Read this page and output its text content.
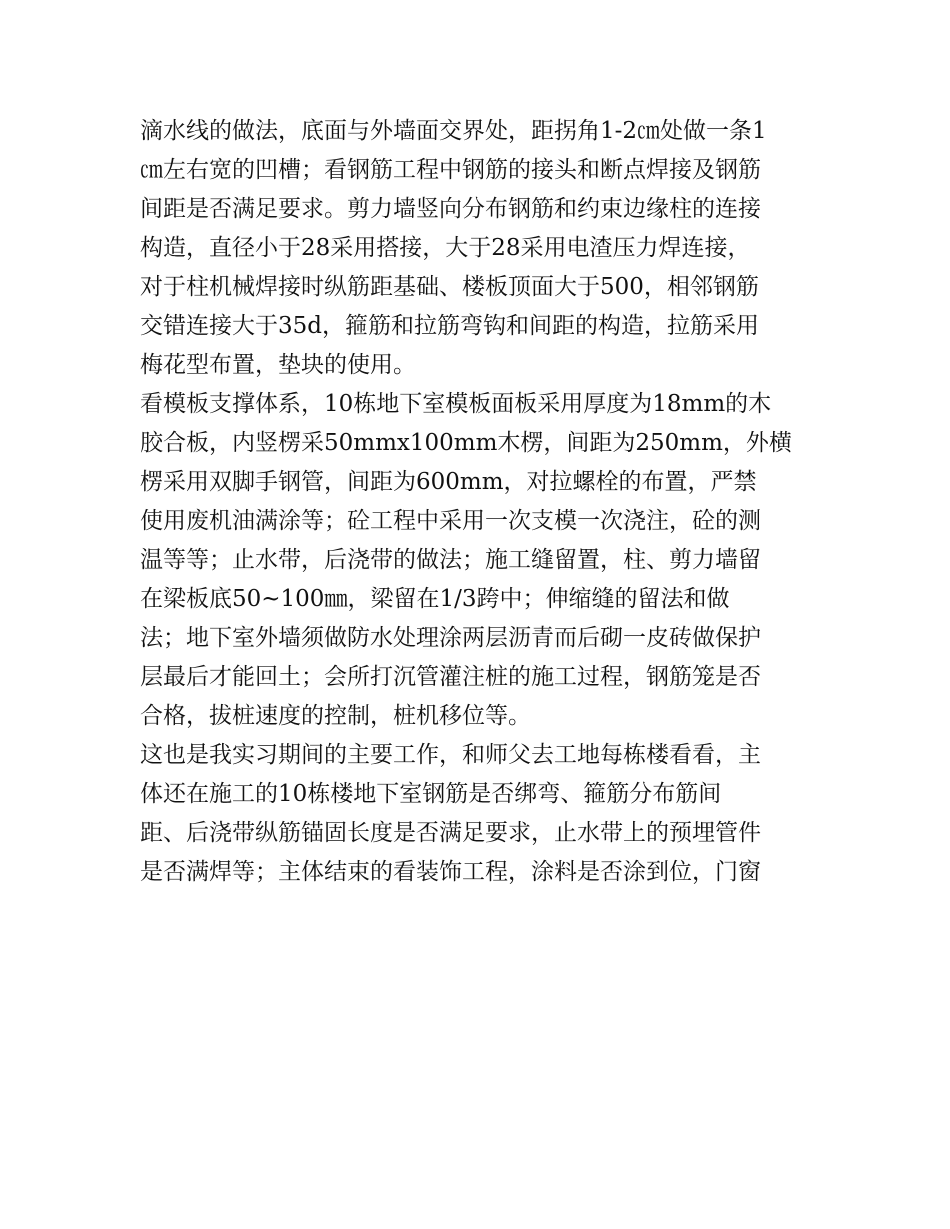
滴水线的做法，底面与外墙面交界处，距拐角1-2㎝处做一条1
㎝左右宽的凹槽；看钢筋工程中钢筋的接头和断点焊接及钢筋
间距是否满足要求。剪力墙竖向分布钢筋和约束边缘柱的连接
构造，直径小于28采用搭接，大于28采用电渣压力焊连接，
对于柱机械焊接时纵筋距基础、楼板顶面大于500，相邻钢筋
交错连接大于35d，箍筋和拉筋弯钩和间距的构造，拉筋采用
梅花型布置，垫块的使用。
看模板支撑体系，10栋地下室模板面板采用厚度为18mm的木
胶合板，内竖楞采50mmx100mm木楞，间距为250mm，外横
楞采用双脚手钢管，间距为600mm，对拉螺栓的布置，严禁
使用废机油满涂等；砼工程中采用一次支模一次浇注，砼的测
温等等；止水带，后浇带的做法；施工缝留置，柱、剪力墙留
在梁板底50~100㎜，梁留在1/3跨中；伸缩缝的留法和做
法；地下室外墙须做防水处理涂两层沥青而后砌一皮砖做保护
层最后才能回土；会所打沉管灌注桩的施工过程，钢筋笼是否
合格，拔桩速度的控制，桩机移位等。
这也是我实习期间的主要工作，和师父去工地每栋楼看看，主
体还在施工的10栋楼地下室钢筋是否绑弯、箍筋分布筋间
距、后浇带纵筋锚固长度是否满足要求，止水带上的预埋管件
是否满焊等；主体结束的看装饰工程，涂料是否涂到位，门窗
